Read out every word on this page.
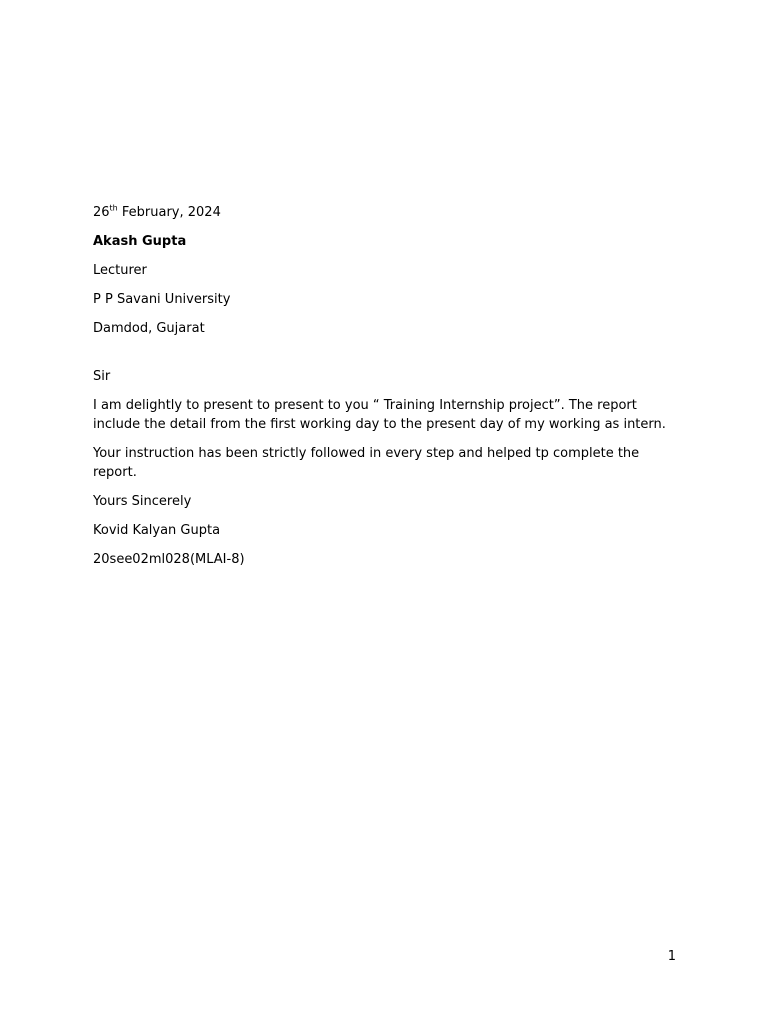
26th February, 2024
Akash Gupta
Lecturer
P P Savani University
Damdod, Gujarat
Sir
I am delightly to present to present to you “ Training Internship project”. The report include the detail from the first working day to the present day of my working as intern.
Your instruction has been strictly followed in every step and helped tp complete the report.
Yours Sincerely
Kovid Kalyan Gupta
20see02ml028(MLAI-8)
1
